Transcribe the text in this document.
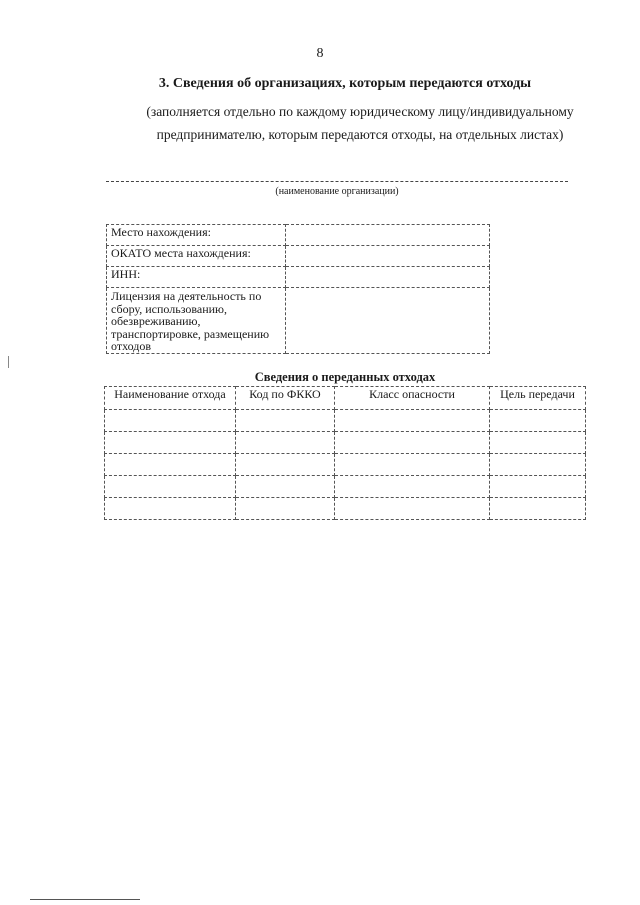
8
3. Сведения об организациях, которым передаются отходы
(заполняется отдельно по каждому юридическому лицу/индивидуальному
предпринимателю, которым передаются отходы, на отдельных листах)
(наименование организации)
Место нахождения:	
ОКАТО места нахождения:	
ИНН:	

Лицензия на деятельность по
сбору, использованию,
обезвреживанию,
транспортировке, размещению
отходов	

Сведения о переданных отходах
Наименование отхода	Код по ФККО	Класс опасности	Цель передачи
